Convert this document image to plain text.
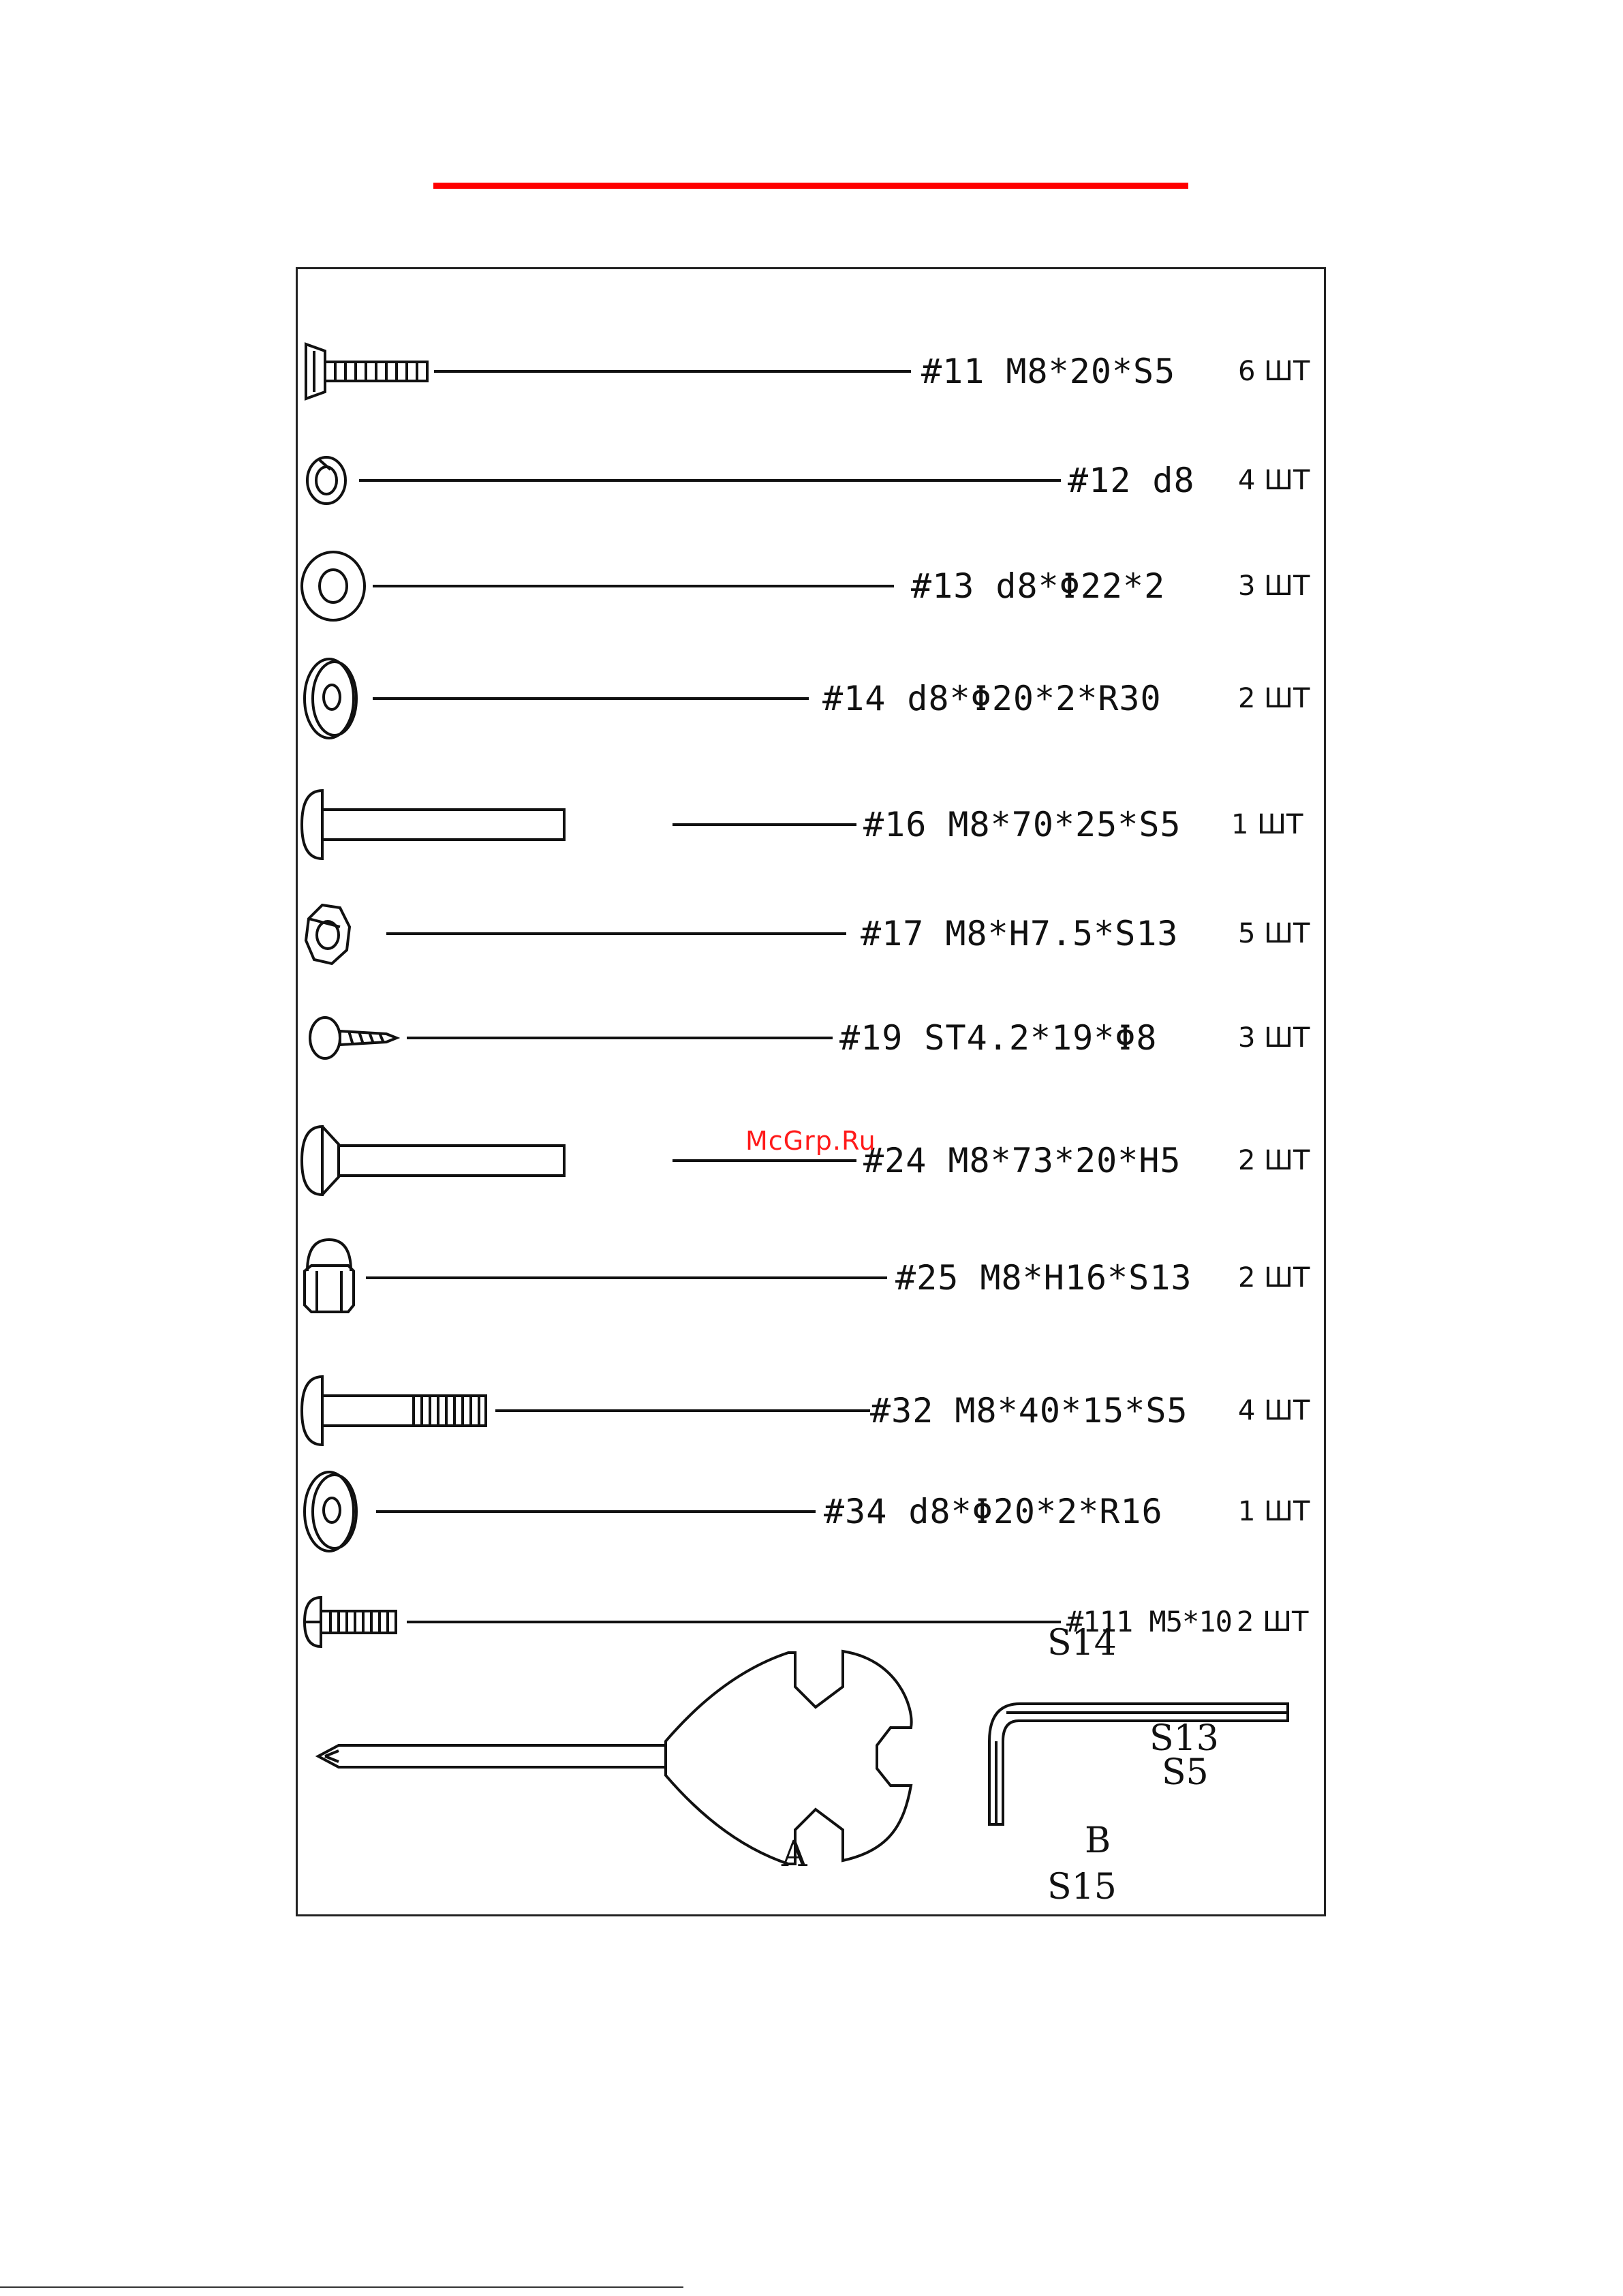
#11 M8*20*S5 6 ШТ
#12 d8 4 ШТ
#13 d8*Φ22*2	3 ШТ
#14 d8*Φ20*2*R30	2 ШТ
#16 M8*70*25*S5 1 ШТ
#17 M8*H7.5*S13 5 ШТ
#19 ST4.2*19*Φ8	3 ШТ
#24 M8*73*20*H5 2 ШТ
#25 M8*H16*S13 2 ШТ
#32 M8*40*15*S5 4 ШТ
#34 d8*Φ20*2*R16	1 ШТ
#111 M5*10 2 ШТ
S14
S13
S15
A
S5
B
McGrp.Ru
